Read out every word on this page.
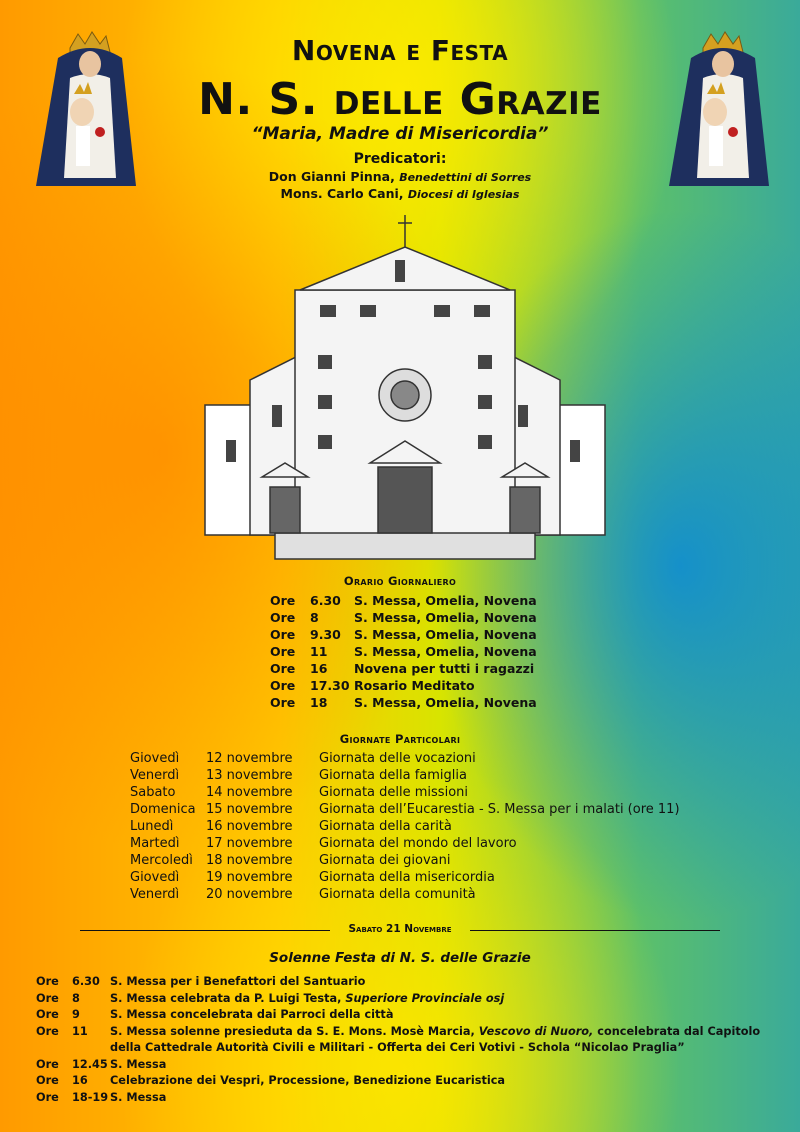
Novena e Festa
N. S. delle Grazie
“Maria, Madre di Misericordia”
Predicatori:
Don Gianni Pinna, Benedettini di Sorres
Mons. Carlo Cani, Diocesi di Iglesias
Orario Giornaliero
Ore 6.30 S. Messa, Omelia, Novena
Ore 8	S. Messa, Omelia, Novena
Ore 9.30 S. Messa, Omelia, Novena
Ore 11 S. Messa, Omelia, Novena
Ore 16 Novena per tutti i ragazzi
Ore 17.30 Rosario Meditato
Ore 18 S. Messa, Omelia, Novena
Giornate Particolari
Giovedì 12 novembre Giornata delle vocazioni
Venerdì 13 novembre Giornata della famiglia
Sabato 14 novembre Giornata delle missioni
Domenica 15 novembre Giornata dell’Eucarestia - S. Messa per i malati (ore 11)
Lunedì	16 novembre Giornata della carità
Martedì 17 novembre Giornata del mondo del lavoro
Mercoledì 18 novembre Giornata dei giovani
Giovedì 19 novembre Giornata della misericordia
Venerdì 20 novembre Giornata della comunità
Sabato 21 Novembre
Solenne Festa di N. S. delle Grazie
Ore 6.30 S. Messa per i Benefattori del Santuario
Ore 8	S. Messa celebrata da P. Luigi Testa, Superiore Provinciale osj
Ore 9	S. Messa concelebrata dai Parroci della città
Ore 11 S. Messa solenne presieduta da S. E. Mons. Mosè Marcia, Vescovo di Nuoro, concelebrata dal Capitolo della Cattedrale Autorità Civili e Militari - Offerta dei Ceri Votivi - Schola “Nicolao Praglia”
Ore 12.45 S. Messa
Ore 16 Celebrazione dei Vespri, Processione, Benedizione Eucaristica
Ore 18-19 S. Messa
